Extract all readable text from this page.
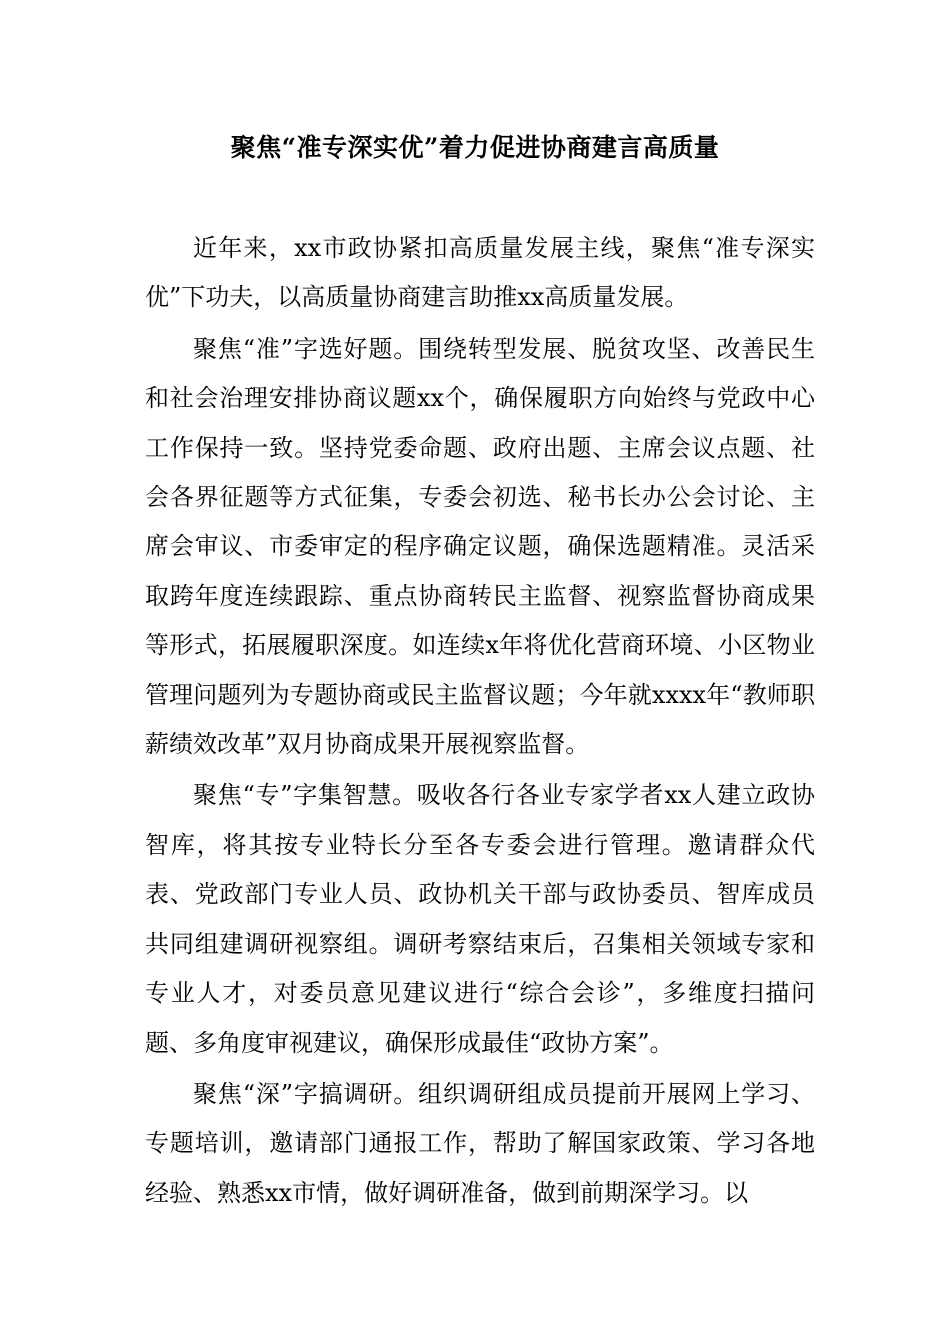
聚焦“准专深实优”着力促进协商建言高质量

近年来，xx市政协紧扣高质量发展主线，聚焦“准专深实优”下功夫，以高质量协商建言助推xx高质量发展。

聚焦“准”字选好题。围绕转型发展、脱贫攻坚、改善民生和社会治理安排协商议题xx个，确保履职方向始终与党政中心工作保持一致。坚持党委命题、政府出题、主席会议点题、社会各界征题等方式征集，专委会初选、秘书长办公会讨论、主席会审议、市委审定的程序确定议题，确保选题精准。灵活采取跨年度连续跟踪、重点协商转民主监督、视察监督协商成果等形式，拓展履职深度。如连续x年将优化营商环境、小区物业管理问题列为专题协商或民主监督议题；今年就xxxx年“教师职薪绩效改革”双月协商成果开展视察监督。

聚焦“专”字集智慧。吸收各行各业专家学者xx人建立政协智库，将其按专业特长分至各专委会进行管理。邀请群众代表、党政部门专业人员、政协机关干部与政协委员、智库成员共同组建调研视察组。调研考察结束后，召集相关领域专家和专业人才，对委员意见建议进行“综合会诊”，多维度扫描问题、多角度审视建议，确保形成最佳“政协方案”。

聚焦“深”字搞调研。组织调研组成员提前开展网上学习、专题培训，邀请部门通报工作，帮助了解国家政策、学习各地经验、熟悉xx市情，做好调研准备，做到前期深学习。以
